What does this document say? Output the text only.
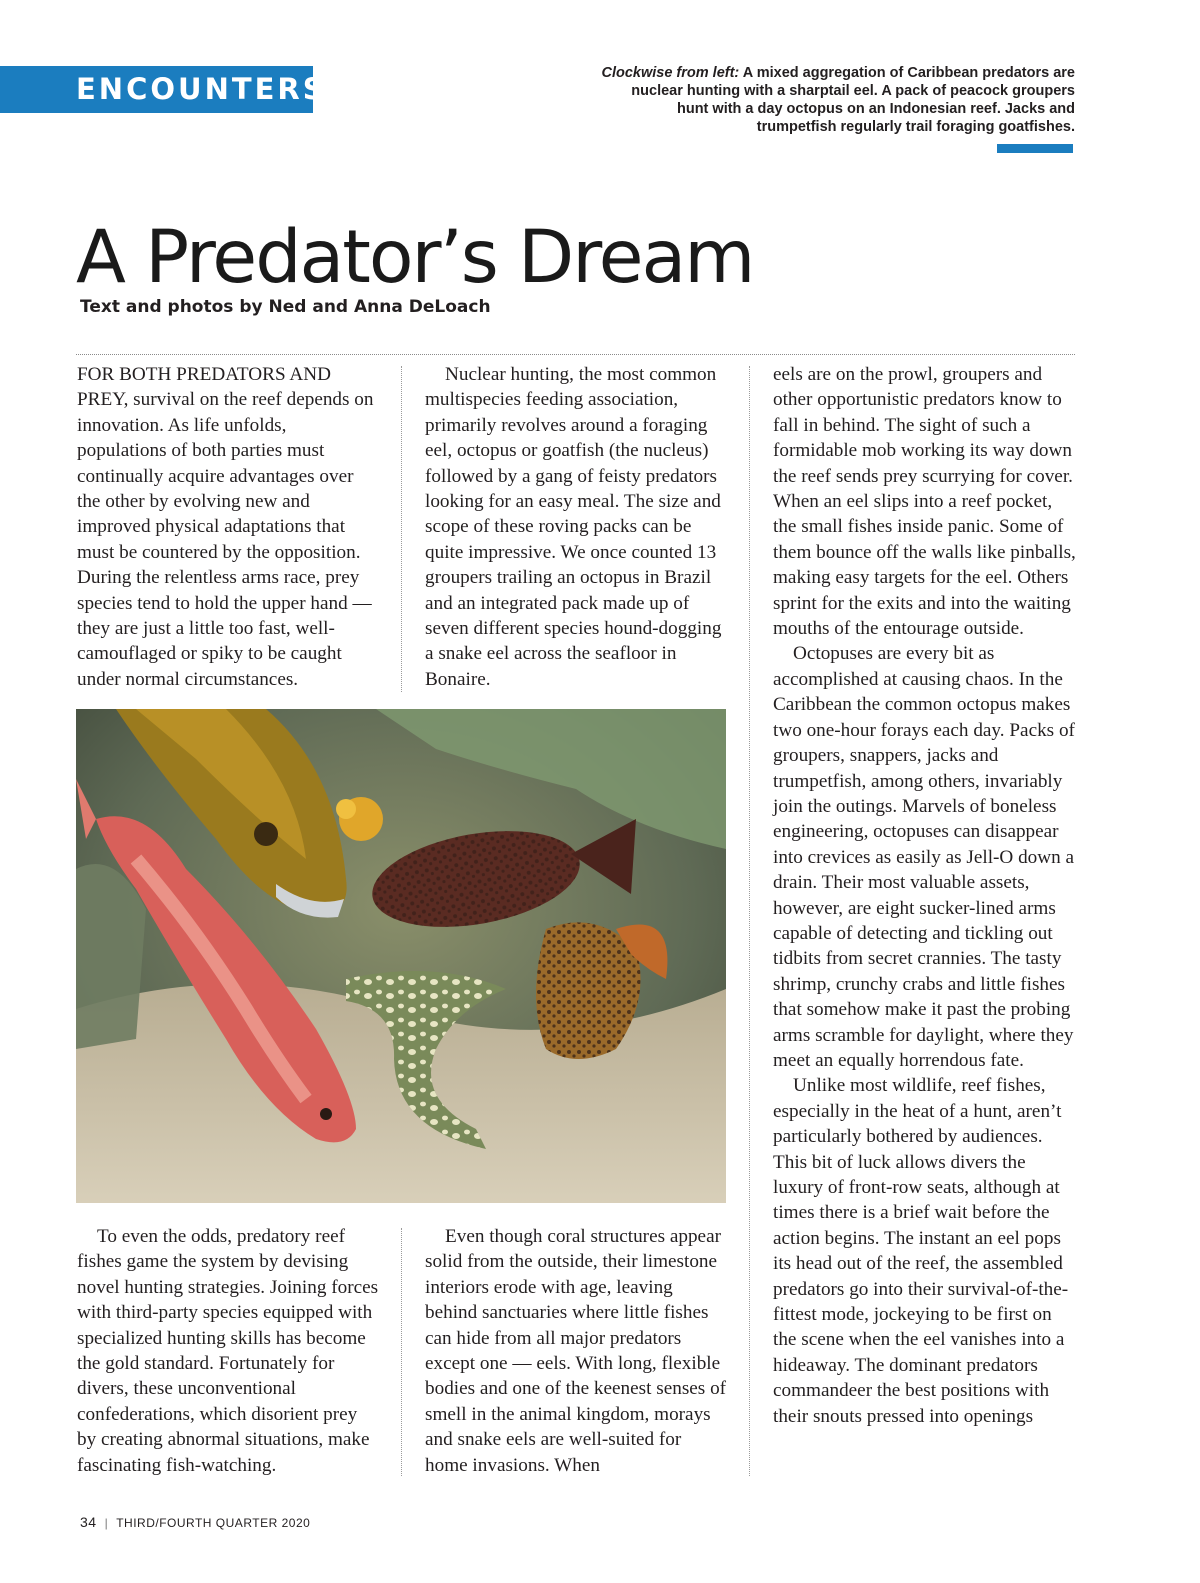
ENCOUNTERS	Clockwise from left: A mixed aggregation of Caribbean predators are nuclear hunting with a sharptail eel. A pack of peacock groupers hunt with a day octopus on an Indonesian reef. Jacks and trumpetfish regularly trail foraging goatfishes.
A Predator’s Dream
Text and photos by Ned and Anna DeLoach

FOR BOTH PREDATORS AND PREY, survival on the reef depends on innovation. As life unfolds, populations of both parties must continually acquire advantages over the other by evolving new and improved physical adaptations that must be countered by the opposition. During the relentless arms race, prey species tend to hold the upper hand — they are just a little too fast, well-camouflaged or spiky to be caught under normal circumstances.

Nuclear hunting, the most common multispecies feeding association, primarily revolves around a foraging eel, octopus or goatfish (the nucleus) followed by a gang of feisty predators looking for an easy meal. The size and scope of these roving packs can be quite impressive. We once counted 13 groupers trailing an octopus in Brazil and an integrated pack made up of seven different species hound-dogging a snake eel across the seafloor in Bonaire.

eels are on the prowl, groupers and other opportunistic predators know to fall in behind. The sight of such a formidable mob working its way down the reef sends prey scurrying for cover. When an eel slips into a reef pocket, the small fishes inside panic. Some of them bounce off the walls like pinballs, making easy targets for the eel. Others sprint for the exits and into the waiting mouths of the entourage outside.

Octopuses are every bit as accomplished at causing chaos. In the Caribbean the common octopus makes two one-hour forays each day. Packs of groupers, snappers, jacks and trumpetfish, among others, invariably join the outings. Marvels of boneless engineering, octopuses can disappear into crevices as easily as Jell-O down a drain. Their most valuable assets, however, are eight sucker-lined arms capable of detecting and tickling out tidbits from secret crannies. The tasty shrimp, crunchy crabs and little fishes that somehow make it past the probing arms scramble for daylight, where they meet an equally horrendous fate.

Unlike most wildlife, reef fishes, especially in the heat of a hunt, aren’t particularly bothered by audiences. This bit of luck allows divers the luxury of front-row seats, although at times there is a brief wait before the action begins. The instant an eel pops its head out of the reef, the assembled predators go into their survival-of-the-fittest mode, jockeying to be first on the scene when the eel vanishes into a hideaway. The dominant predators commandeer the best positions with their snouts pressed into openings

To even the odds, predatory reef fishes game the system by devising novel hunting strategies. Joining forces with third-party species equipped with specialized hunting skills has become the gold standard. Fortunately for divers, these unconventional confederations, which disorient prey by creating abnormal situations, make fascinating fish-watching.

Even though coral structures appear solid from the outside, their limestone interiors erode with age, leaving behind sanctuaries where little fishes can hide from all major predators except one — eels. With long, flexible bodies and one of the keenest senses of smell in the animal kingdom, morays and snake eels are well-suited for home invasions. When

34 | THIRD/FOURTH QUARTER 2020
